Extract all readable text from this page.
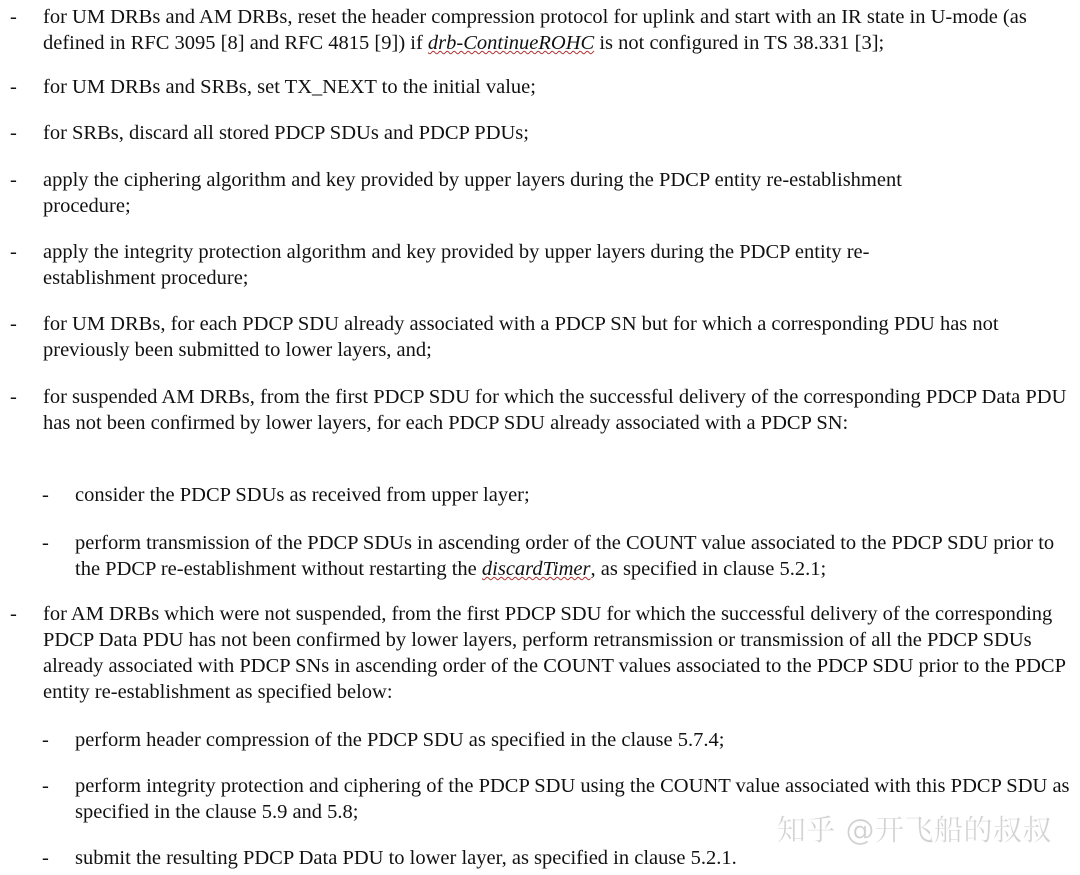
-	for UM DRBs and AM DRBs, reset the header compression protocol for uplink and start with an IR state in U-mode (as defined in RFC 3095 [8] and RFC 4815 [9]) if drb-ContinueROHC is not configured in TS 38.331 [3];
-	for UM DRBs and SRBs, set TX_NEXT to the initial value;
-	for SRBs, discard all stored PDCP SDUs and PDCP PDUs;
-	apply the ciphering algorithm and key provided by upper layers during the PDCP entity re-establishment procedure;
-	apply the integrity protection algorithm and key provided by upper layers during the PDCP entity re-establishment procedure;
-	for UM DRBs, for each PDCP SDU already associated with a PDCP SN but for which a corresponding PDU has not previously been submitted to lower layers, and;
-	for suspended AM DRBs, from the first PDCP SDU for which the successful delivery of the corresponding PDCP Data PDU has not been confirmed by lower layers, for each PDCP SDU already associated with a PDCP SN:
-	consider the PDCP SDUs as received from upper layer;
-	perform transmission of the PDCP SDUs in ascending order of the COUNT value associated to the PDCP SDU prior to the PDCP re-establishment without restarting the discardTimer, as specified in clause 5.2.1;
-	for AM DRBs which were not suspended, from the first PDCP SDU for which the successful delivery of the corresponding PDCP Data PDU has not been confirmed by lower layers, perform retransmission or transmission of all the PDCP SDUs already associated with PDCP SNs in ascending order of the COUNT values associated to the PDCP SDU prior to the PDCP entity re-establishment as specified below:
-	perform header compression of the PDCP SDU as specified in the clause 5.7.4;
-	perform integrity protection and ciphering of the PDCP SDU using the COUNT value associated with this PDCP SDU as specified in the clause 5.9 and 5.8;
-	submit the resulting PDCP Data PDU to lower layer, as specified in clause 5.2.1.
知乎 @开飞船的叔叔
